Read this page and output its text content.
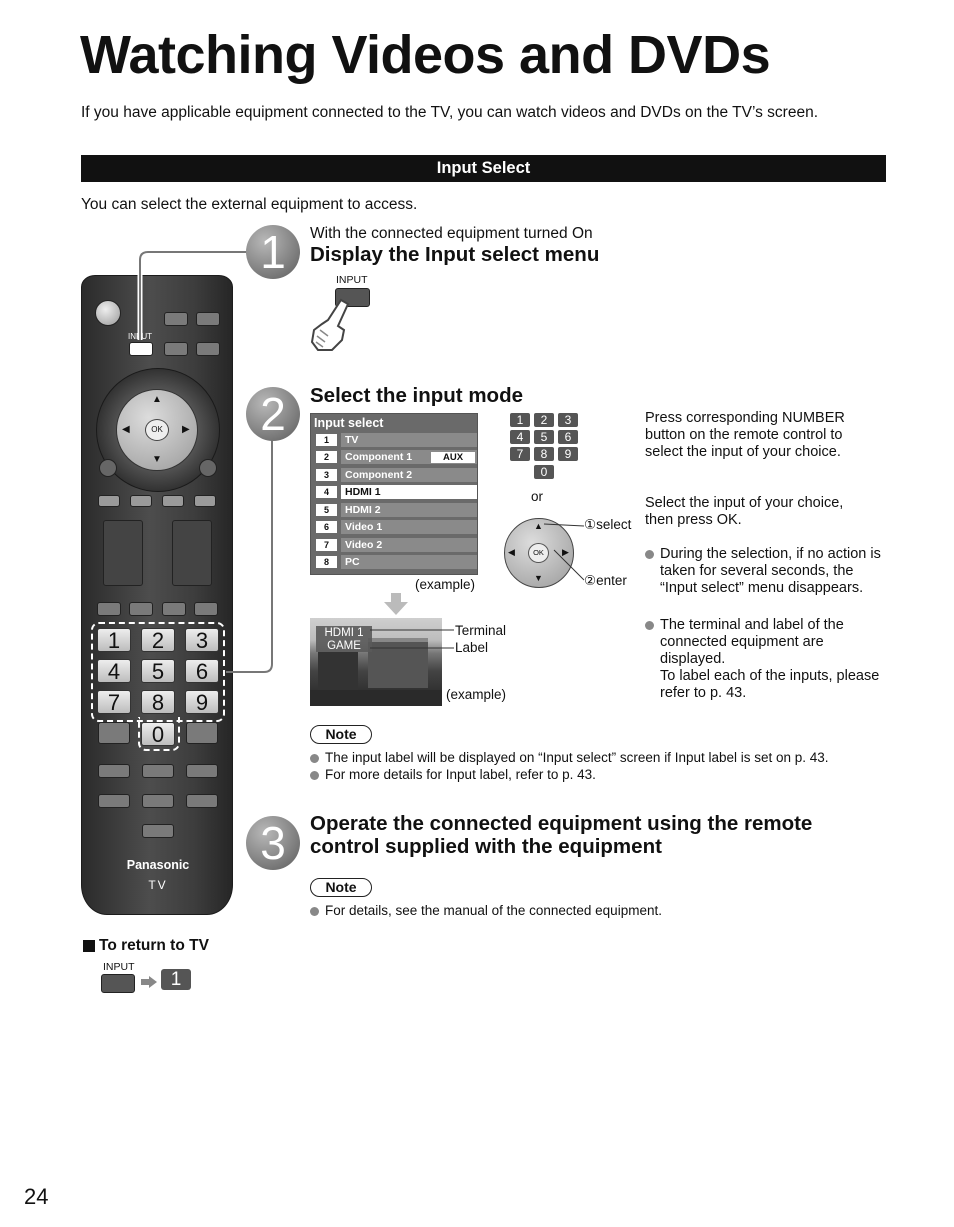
Watching Videos and DVDs
If you have applicable equipment connected to the TV, you can watch videos and DVDs on the TV’s screen.
Input Select
You can select the external equipment to access.
INPUT
OK
▲
▼
◀	▶
1	2	3
4	5	6
7	8	9
0
Panasonic
TV
1	With the connected equipment turned On
Display the Input select menu
INPUT
2	Select the input mode
Input select
1	TV
2	Component 1	AUX
3	Component 2
4	HDMI 1
5	HDMI 2
6	Video 1
7	Video 2
8	PC
(example)
1	2	3
4	5	6
7	8	9
0
or
OK
▲
▼
◀	▶
①select
②enter
Press corresponding NUMBER button on the remote control to select the input of your choice.
Select the input of your choice, then press OK.
During the selection, if no action is taken for several seconds, the “Input select” menu disappears.
The terminal and label of the connected equipment are displayed.
To label each of the inputs, please refer to p. 43.
HDMI 1
GAME
Terminal
Label
(example)
Note
The input label will be displayed on “Input select” screen if Input label is set on p. 43.
For more details for Input label, refer to p. 43.
3	Operate the connected equipment using the remote
control supplied with the equipment
Note
For details, see the manual of the connected equipment.
To return to TV
INPUT
1
24
